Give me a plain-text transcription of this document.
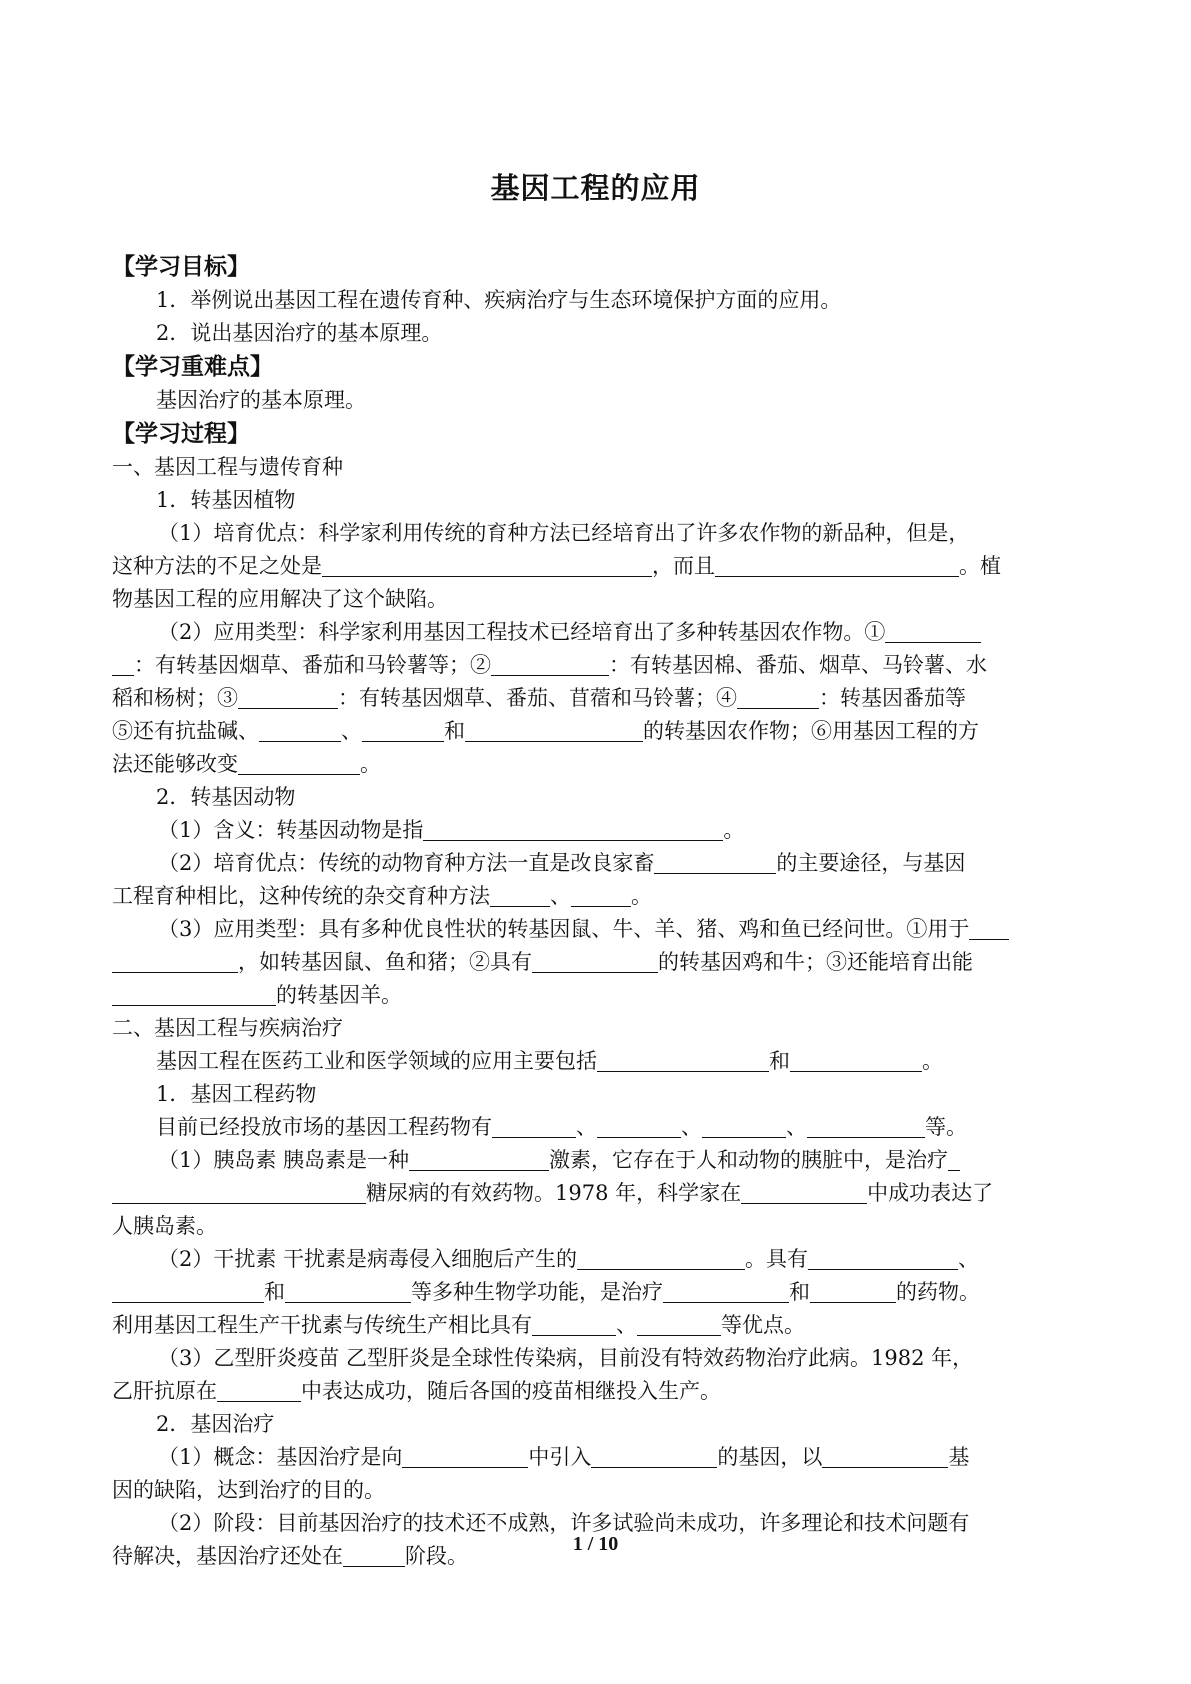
基因工程的应用

【学习目标】

1．举例说出基因工程在遗传育种、疾病治疗与生态环境保护方面的应用。

2．说出基因治疗的基本原理。

【学习重难点】

基因治疗的基本原理。

【学习过程】

一、基因工程与遗传育种

1．转基因植物

（1）培育优点：科学家利用传统的育种方法已经培育出了许多农作物的新品种，但是，

这种方法的不足之处是	，而且	。植

物基因工程的应用解决了这个缺陷。

（2）应用类型：科学家利用基因工程技术已经培育出了多种转基因农作物。①

：有转基因烟草、番茄和马铃薯等；②	：有转基因棉、番茄、烟草、马铃薯、水

稻和杨树；③	：有转基因烟草、番茄、苜蓿和马铃薯；④	：转基因番茄等

⑤还有抗盐碱、	、	和	的转基因农作物；⑥用基因工程的方

法还能够改变	。

2．转基因动物

（1）含义：转基因动物是指	。

（2）培育优点：传统的动物育种方法一直是改良家畜	的主要途径，与基因

工程育种相比，这种传统的杂交育种方法	、	。

（3）应用类型：具有多种优良性状的转基因鼠、牛、羊、猪、鸡和鱼已经问世。①用于

，如转基因鼠、鱼和猪；②具有	的转基因鸡和牛；③还能培育出能

的转基因羊。

二、基因工程与疾病治疗

基因工程在医药工业和医学领域的应用主要包括	和	。

1．基因工程药物

目前已经投放市场的基因工程药物有	、	、	、	等。

（1）胰岛素 胰岛素是一种	激素，它存在于人和动物的胰脏中，是治疗

糖尿病的有效药物。1978 年，科学家在	中成功表达了

人胰岛素。

（2）干扰素 干扰素是病毒侵入细胞后产生的	。具有	、

和	等多种生物学功能，是治疗	和	的药物。

利用基因工程生产干扰素与传统生产相比具有	、	等优点。

（3）乙型肝炎疫苗 乙型肝炎是全球性传染病，目前没有特效药物治疗此病。1982 年，

乙肝抗原在	中表达成功，随后各国的疫苗相继投入生产。

2．基因治疗

（1）概念：基因治疗是向	中引入	的基因，以	基

因的缺陷，达到治疗的目的。

（2）阶段：目前基因治疗的技术还不成熟，许多试验尚未成功，许多理论和技术问题有

待解决，基因治疗还处在	阶段。	1 / 10
